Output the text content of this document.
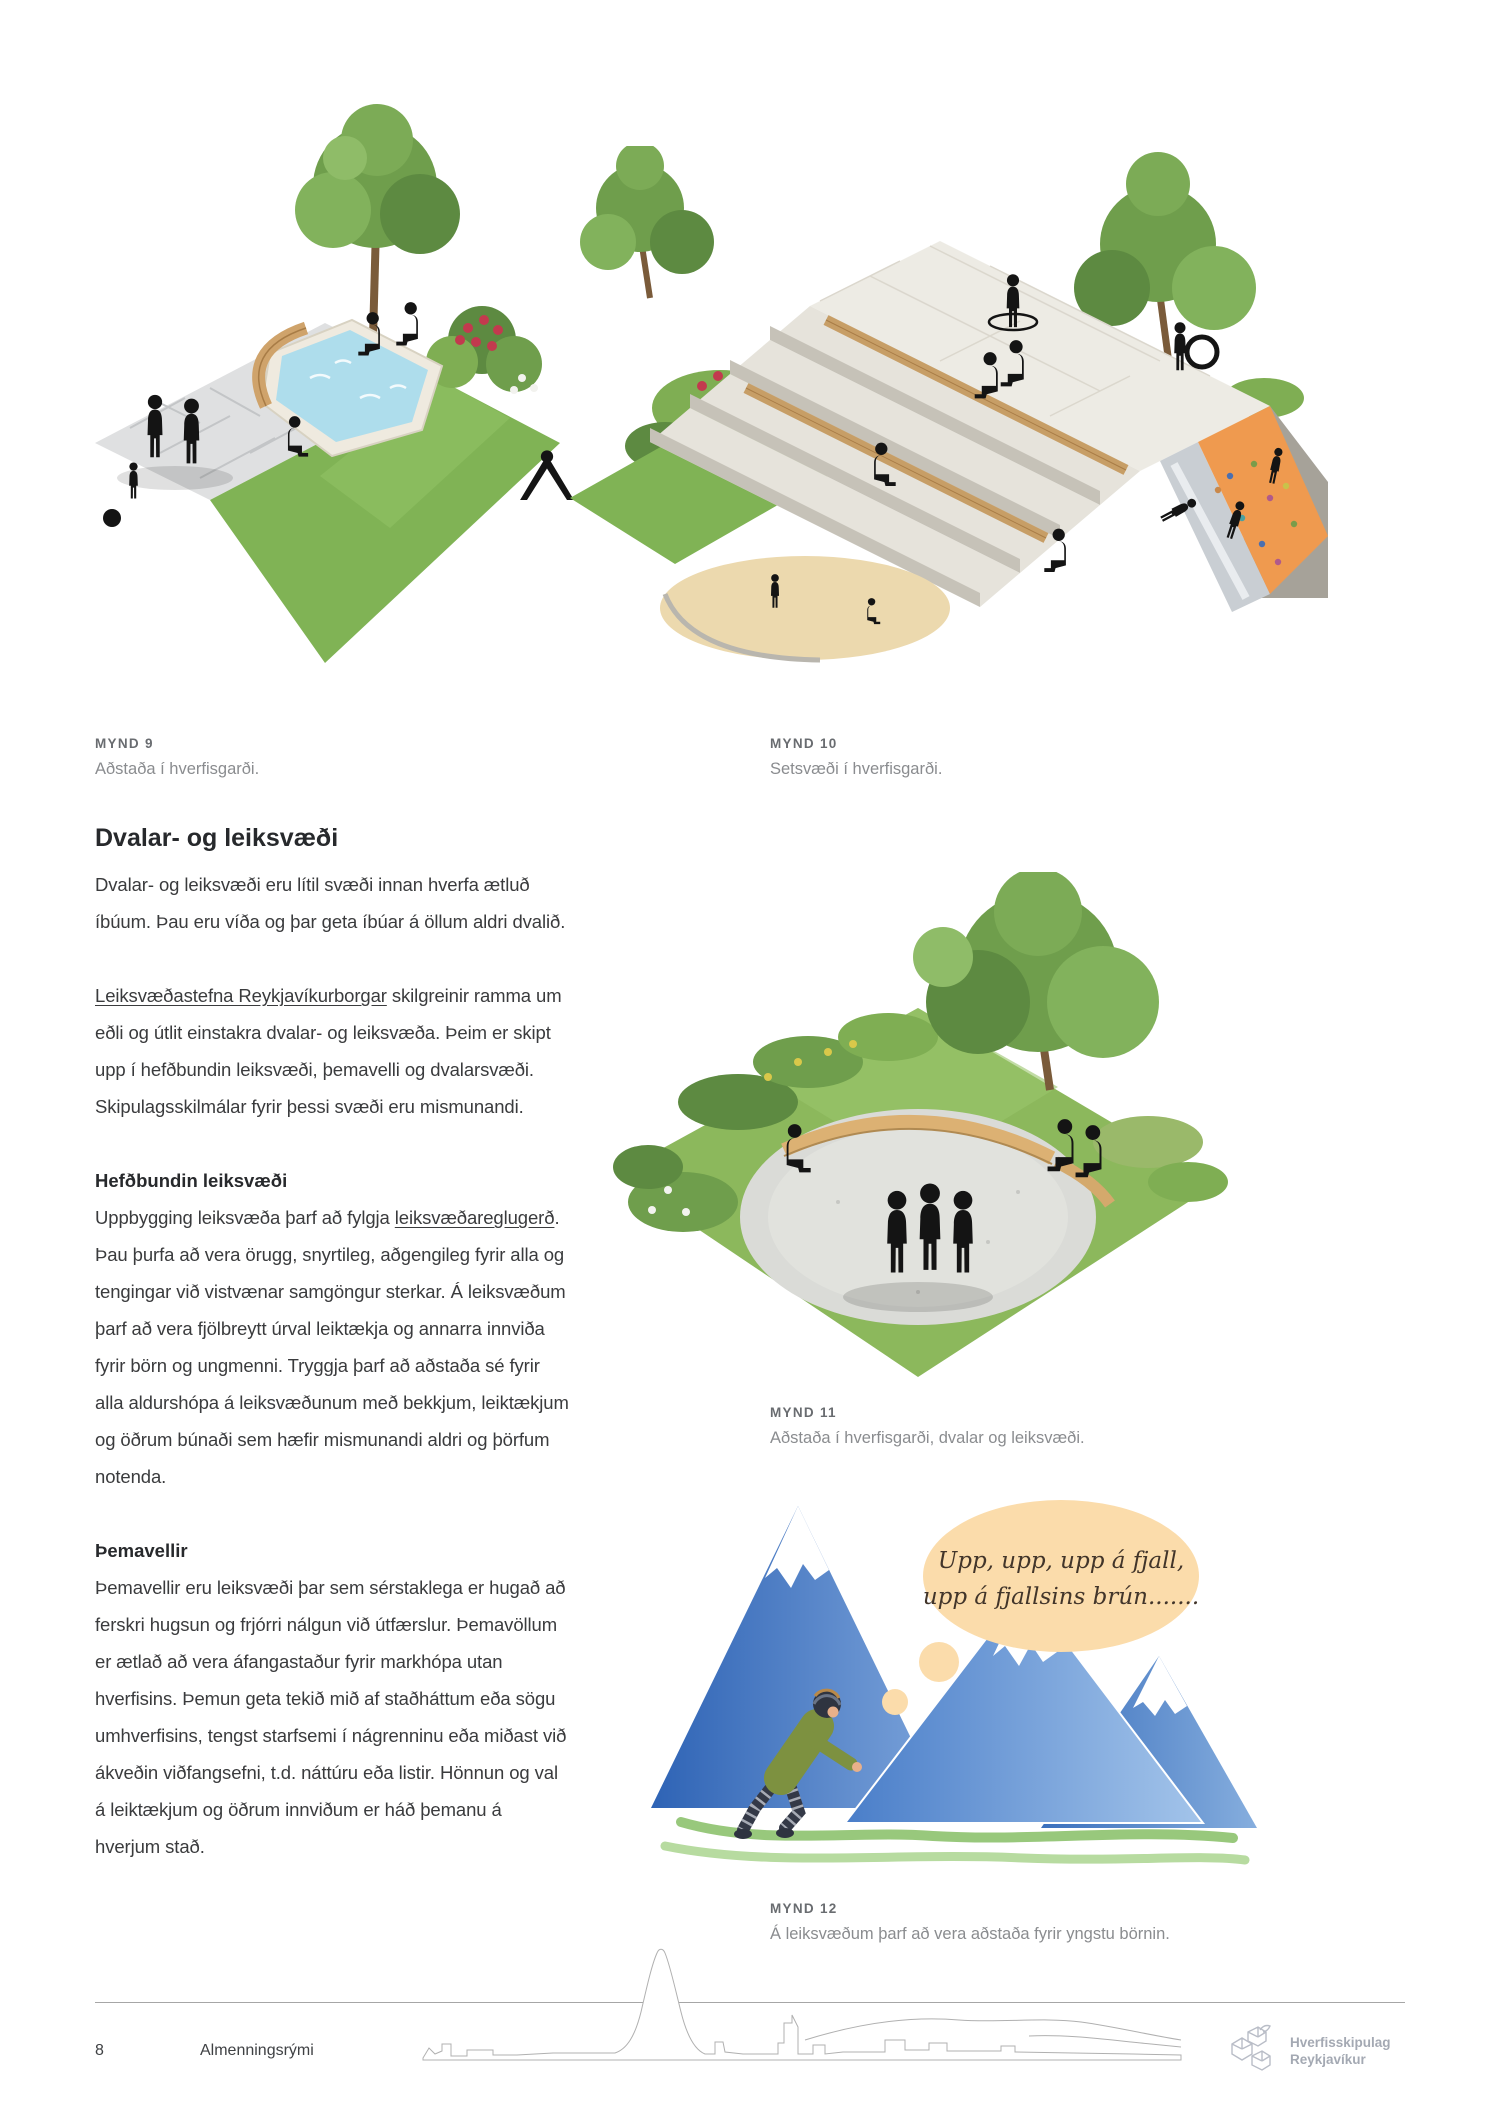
Upp, upp, upp á fjall,
upp á fjallsins brún.......
MYND 9
Aðstaða í hverfisgarði.
MYND 10
Setsvæði í hverfisgarði.
MYND 11
Aðstaða í hverfisgarði, dvalar og leiksvæði.
MYND 12
Á leiksvæðum þarf að vera aðstaða fyrir yngstu börnin.
Dvalar- og leiksvæði

Dvalar- og leiksvæði eru lítil svæði innan hverfa ætluð íbúum. Þau eru víða og þar geta íbúar á öllum aldri dvalið.

Leiksvæðastefna Reykjavíkurborgar skilgreinir ramma um eðli og útlit einstakra dvalar- og leiksvæða. Þeim er skipt upp í hefðbundin leiksvæði, þemavelli og dvalarsvæði. Skipulagsskilmálar fyrir þessi svæði eru mismunandi.

Hefðbundin leiksvæði

Uppbygging leiksvæða þarf að fylgja leiksvæðareglugerð. Þau þurfa að vera örugg, snyrtileg, aðgengileg fyrir alla og tengingar við vistvænar samgöngur sterkar. Á leiksvæðum þarf að vera fjölbreytt úrval leiktækja og annarra innviða fyrir börn og ungmenni. Tryggja þarf að aðstaða sé fyrir alla aldurshópa á leiksvæðunum með bekkjum, leiktækjum og öðrum búnaði sem hæfir mismunandi aldri og þörfum notenda.

Þemavellir

Þemavellir eru leiksvæði þar sem sérstaklega er hugað að ferskri hugsun og frjórri nálgun við útfærslur. Þemavöllum er ætlað að vera áfangastaður fyrir markhópa utan hverfisins. Þemun geta tekið mið af staðháttum eða sögu umhverfisins, tengst starfsemi í nágrenninu eða miðast við ákveðin viðfangsefni, t.d. náttúru eða listir. Hönnun og val á leiktækjum og öðrum innviðum er háð þemanu á hverjum stað.

8	Almenningsrými	Hverfisskipulag
Reykjavíkur
